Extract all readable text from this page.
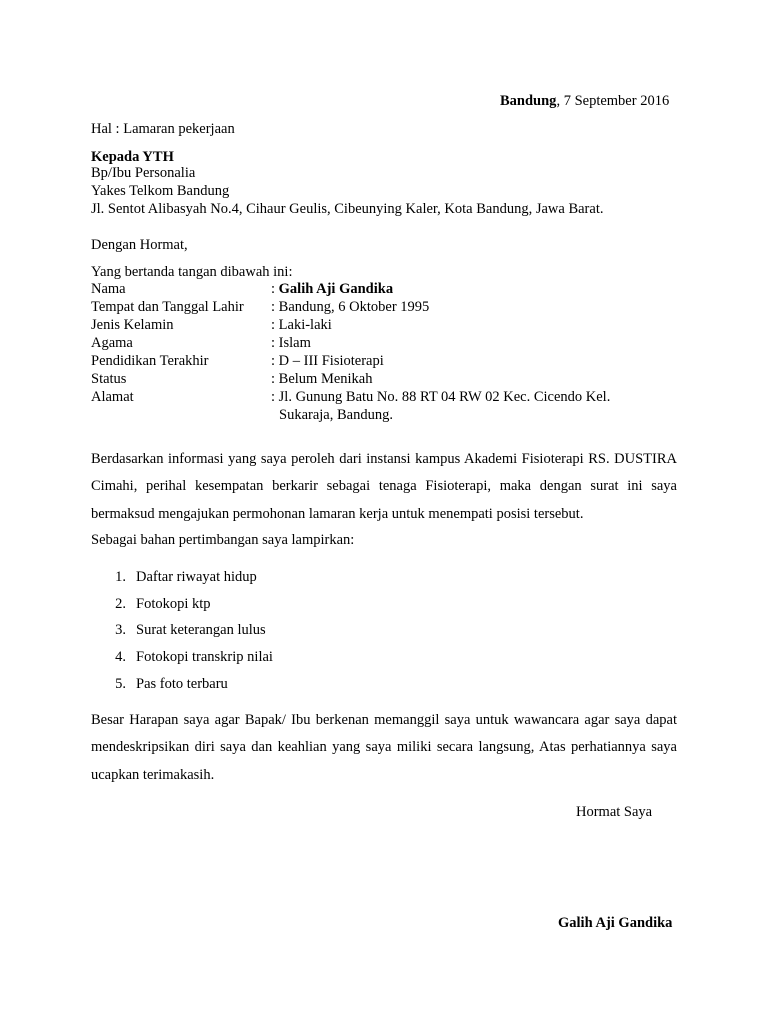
Bandung, 7 September 2016
Hal : Lamaran pekerjaan
Kepada YTH
Bp/Ibu Personalia
Yakes Telkom Bandung
Jl. Sentot Alibasyah No.4, Cihaur Geulis, Cibeunying Kaler, Kota Bandung, Jawa Barat.
Dengan Hormat,
Yang bertanda tangan dibawah ini:
Nama	: Galih Aji Gandika
Tempat dan Tanggal Lahir : Bandung, 6 Oktober 1995
Jenis Kelamin	: Laki-laki
Agama	: Islam
Pendidikan Terakhir	: D – III Fisioterapi
Status	: Belum Menikah
Alamat	: Jl. Gunung Batu No. 88 RT 04 RW 02 Kec. Cicendo Kel.
Sukaraja, Bandung.
Berdasarkan informasi yang saya peroleh dari instansi kampus Akademi Fisioterapi RS. DUSTIRA Cimahi, perihal kesempatan berkarir sebagai tenaga Fisioterapi, maka dengan surat ini saya bermaksud mengajukan permohonan lamaran kerja untuk menempati posisi tersebut.
Sebagai bahan pertimbangan saya lampirkan:
1. Daftar riwayat hidup
2. Fotokopi ktp
3. Surat keterangan lulus
4. Fotokopi transkrip nilai
5. Pas foto terbaru
Besar Harapan saya agar Bapak/ Ibu berkenan memanggil saya untuk wawancara agar saya dapat mendeskripsikan diri saya dan keahlian yang saya miliki secara langsung, Atas perhatiannya saya ucapkan terimakasih.
Hormat Saya
Galih Aji Gandika
